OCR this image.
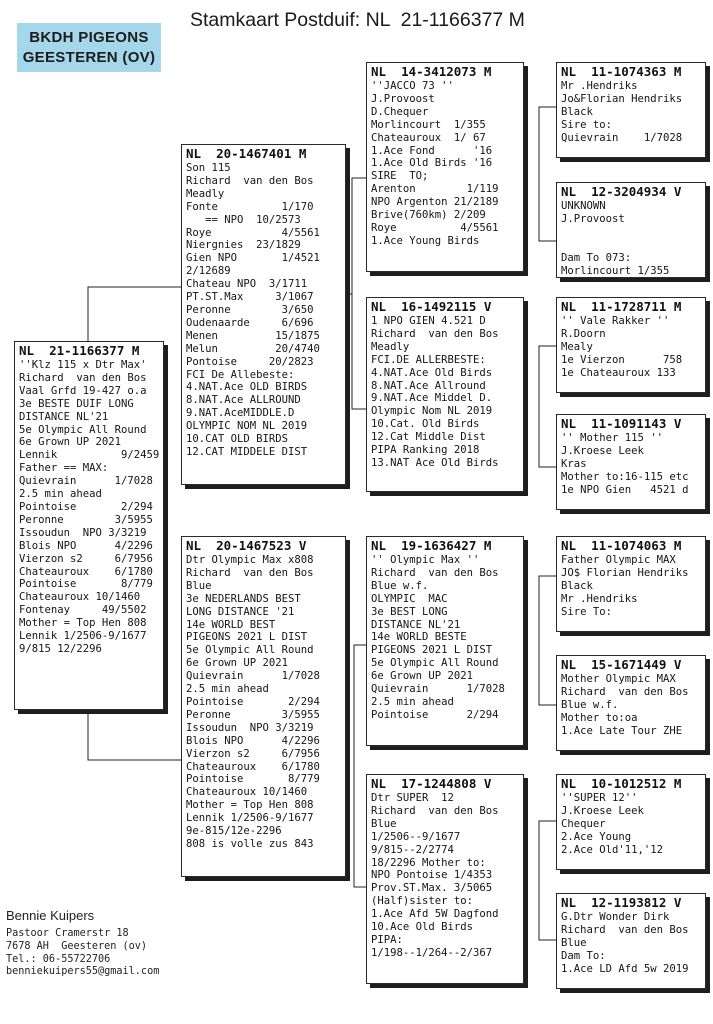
BKDH PIGEONS
GEESTEREN (OV)
Stamkaart Postduif: NL  21-1166377 M
NL  21-1166377 M
''Klz 115 x Dtr Max'
Richard  van den Bos
Vaal Grfd 19-427 o.a
3e BESTE DUIF LONG
DISTANCE NL'21
5e Olympic All Round
6e Grown UP 2021
Lennik          9/2459
Father == MAX:
Quievrain      1/7028
2.5 min ahead
Pointoise       2/294
Peronne        3/5955
Issoudun  NPO 3/3219
Blois NPO      4/2296
Vierzon s2     6/7956
Chateauroux    6/1780
Pointoise       8/779
Chateauroux 10/1460
Fontenay     49/5502
Mother = Top Hen 808
Lennik 1/2506-9/1677
9/815 12/2296
NL  20-1467401 M
Son 115
Richard  van den Bos
Meadly
Fonte          1/170
== NPO  10/2573
Roye           4/5561
Niergnies  23/1829
Gien NPO       1/4521
2/12689
Chateau NPO  3/1711
PT.ST.Max     3/1067
Peronne        3/650
Oudenaarde     6/696
Menen         15/1875
Melun         20/4740
Pontoise     20/2823
FCI De Allebeste:
4.NAT.Ace OLD BIRDS
8.NAT.Ace ALLROUND
9.NAT.AceMIDDLE.D
OLYMPIC NOM NL 2019
10.CAT OLD BIRDS
12.CAT MIDDELE DIST
NL  20-1467523 V
Dtr Olympic Max x808
Richard  van den Bos
Blue
3e NEDERLANDS BEST
LONG DISTANCE '21
14e WORLD BEST
PIGEONS 2021 L DIST
5e Olympic All Round
6e Grown UP 2021
Quievrain      1/7028
2.5 min ahead
Pointoise       2/294
Peronne        3/5955
Issoudun  NPO 3/3219
Blois NPO      4/2296
Vierzon s2     6/7956
Chateauroux    6/1780
Pointoise       8/779
Chateauroux 10/1460
Mother = Top Hen 808
Lennik 1/2506-9/1677
9e-815/12e-2296
808 is volle zus 843
NL  14-3412073 M
''JACCO 73 ''
J.Provoost
D.Chequer
Morlincourt  1/355
Chateauroux  1/ 67
1.Ace Fond      '16
1.Ace Old Birds '16
SIRE  TO;
Arenton        1/119
NPO Argenton 21/2189
Brive(760km) 2/209
Roye          4/5561
1.Ace Young Birds
NL  16-1492115 V
1 NPO GIEN 4.521 D
Richard  van den Bos
Meadly
FCI.DE ALLERBESTE:
4.NAT.Ace Old Birds
8.NAT.Ace Allround
9.NAT.Ace Middel D.
Olympic Nom NL 2019
10.Cat. Old Birds
12.Cat Middle Dist
PIPA Ranking 2018
13.NAT Ace Old Birds
NL  19-1636427 M
'' Olympic Max ''
Richard  van den Bos
Blue w.f.
OLYMPIC  MAC
3e BEST LONG
DISTANCE NL'21
14e WORLD BESTE
PIGEONS 2021 L DIST
5e Olympic All Round
6e Grown UP 2021
Quievrain      1/7028
2.5 min ahead
Pointoise      2/294
NL  17-1244808 V
Dtr SUPER  12
Richard  van den Bos
Blue
1/2506--9/1677
9/815--2/2774
18/2296 Mother to:
NPO Pontoise 1/4353
Prov.ST.Max. 3/5065
(Half)sister to:
1.Ace Afd 5W Dagfond
10.Ace Old Birds
PIPA:
1/198--1/264--2/367
NL  11-1074363 M
Mr .Hendriks
Jo&Florian Hendriks
Black
Sire to:
Quievrain    1/7028
NL  12-3204934 V
UNKNOWN
J.Provoost

Dam To 073:
Morlincourt 1/355
NL  11-1728711 M
'' Vale Rakker ''
R.Doorn
Mealy
1e Vierzon      758
1e Chateauroux 133
NL  11-1091143 V
'' Mother 115 ''
J.Kroese Leek
Kras
Mother to:16-115 etc
1e NPO Gien   4521 d
NL  11-1074063 M
Father Olympic MAX
JO$ Florian Hendriks
Black
Mr .Hendriks
Sire To:
NL  15-1671449 V
Mother Olympic MAX
Richard  van den Bos
Blue w.f.
Mother to:oa
1.Ace Late Tour ZHE
NL  10-1012512 M
''SUPER 12''
J.Kroese Leek
Chequer
2.Ace Young
2.Ace Old'11,'12
NL  12-1193812 V
G.Dtr Wonder Dirk
Richard  van den Bos
Blue
Dam To:
1.Ace LD Afd 5w 2019
Bennie Kuipers
Pastoor Cramerstr 18
7678 AH  Geesteren (ov)
Tel.: 06-55722706
benniekuipers55@gmail.com
